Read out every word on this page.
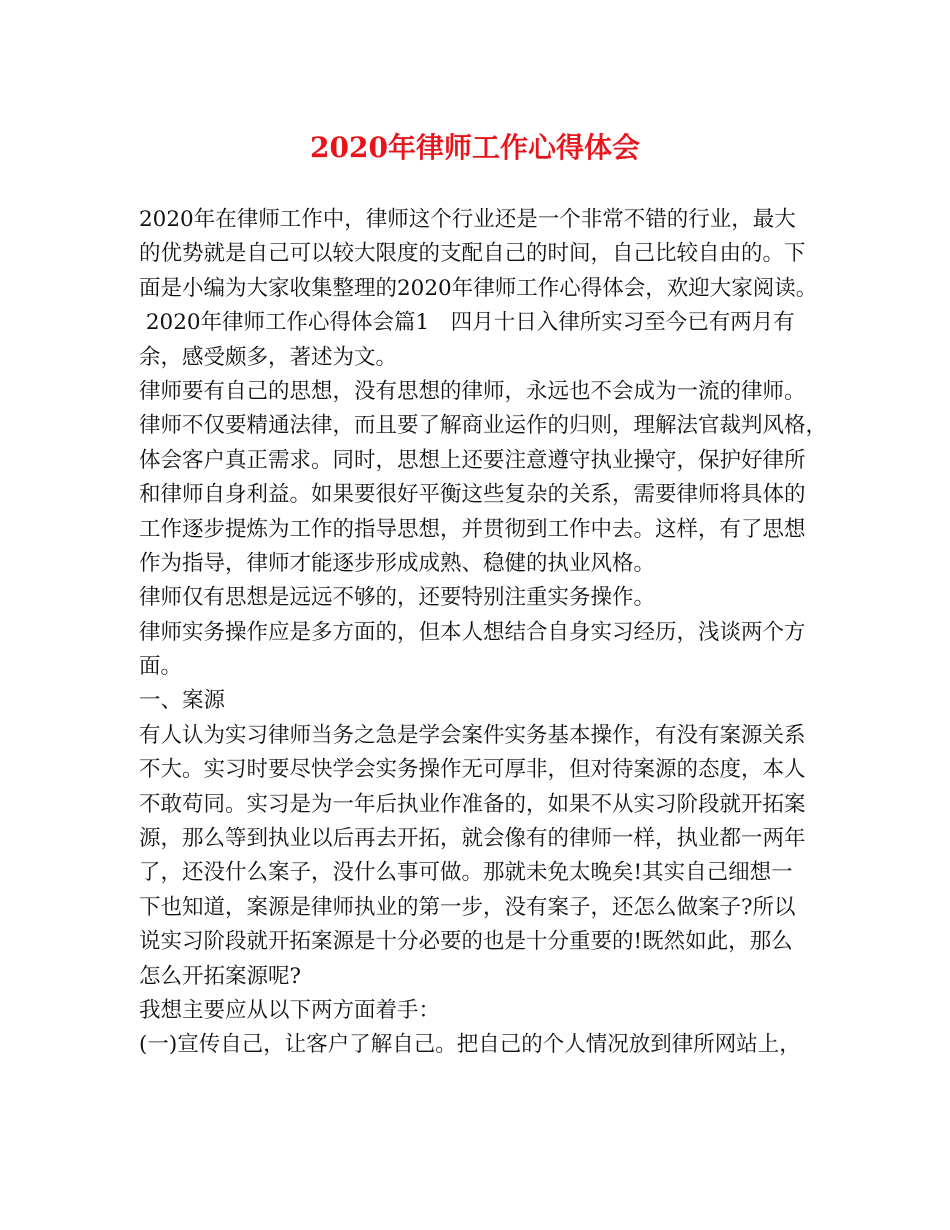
2020年律师工作心得体会
2020年在律师工作中，律师这个行业还是一个非常不错的行业，最大
的优势就是自己可以较大限度的支配自己的时间，自己比较自由的。下
面是小编为大家收集整理的2020年律师工作心得体会，欢迎大家阅读。
2020年律师工作心得体会篇1　四月十日入律所实习至今已有两月有
余，感受颇多，著述为文。
律师要有自己的思想，没有思想的律师，永远也不会成为一流的律师。
律师不仅要精通法律，而且要了解商业运作的归则，理解法官裁判风格，
体会客户真正需求。同时，思想上还要注意遵守执业操守，保护好律所
和律师自身利益。如果要很好平衡这些复杂的关系，需要律师将具体的
工作逐步提炼为工作的指导思想，并贯彻到工作中去。这样，有了思想
作为指导，律师才能逐步形成成熟、稳健的执业风格。
律师仅有思想是远远不够的，还要特别注重实务操作。
律师实务操作应是多方面的，但本人想结合自身实习经历，浅谈两个方
面。
一、案源
有人认为实习律师当务之急是学会案件实务基本操作，有没有案源关系
不大。实习时要尽快学会实务操作无可厚非，但对待案源的态度，本人
不敢苟同。实习是为一年后执业作准备的，如果不从实习阶段就开拓案
源，那么等到执业以后再去开拓，就会像有的律师一样，执业都一两年
了，还没什么案子，没什么事可做。那就未免太晚矣!其实自己细想一
下也知道，案源是律师执业的第一步，没有案子，还怎么做案子?所以
说实习阶段就开拓案源是十分必要的也是十分重要的!既然如此，那么
怎么开拓案源呢?
我想主要应从以下两方面着手：
(一)宣传自己，让客户了解自己。把自己的个人情况放到律所网站上，
